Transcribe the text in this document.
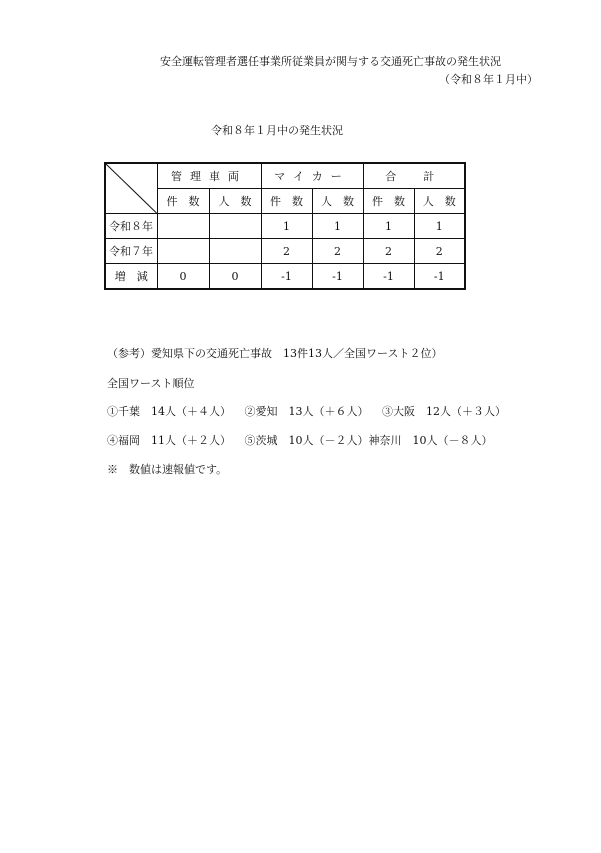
安全運転管理者選任事業所従業員が関与する交通死亡事故の発生状況
（令和８年１月中）
令和８年１月中の発生状況
	管理車両		マイカー		合　計	
	件　数	人　数	件　数	人　数	件　数	人　数
令和８年			1	1	1	1
令和７年			2	2	2	2
増　減	0	0	-1	-1	-1	-1
（参考）愛知県下の交通死亡事故　13件13人／全国ワースト２位）
全国ワースト順位
①千葉　14人（＋４人） ②愛知　13人（＋６人） ③大阪　12人（＋３人）
④福岡　11人（＋２人） ⑤茨城　10人（－２人）神奈川　10人（－８人）
※　数値は速報値です。
